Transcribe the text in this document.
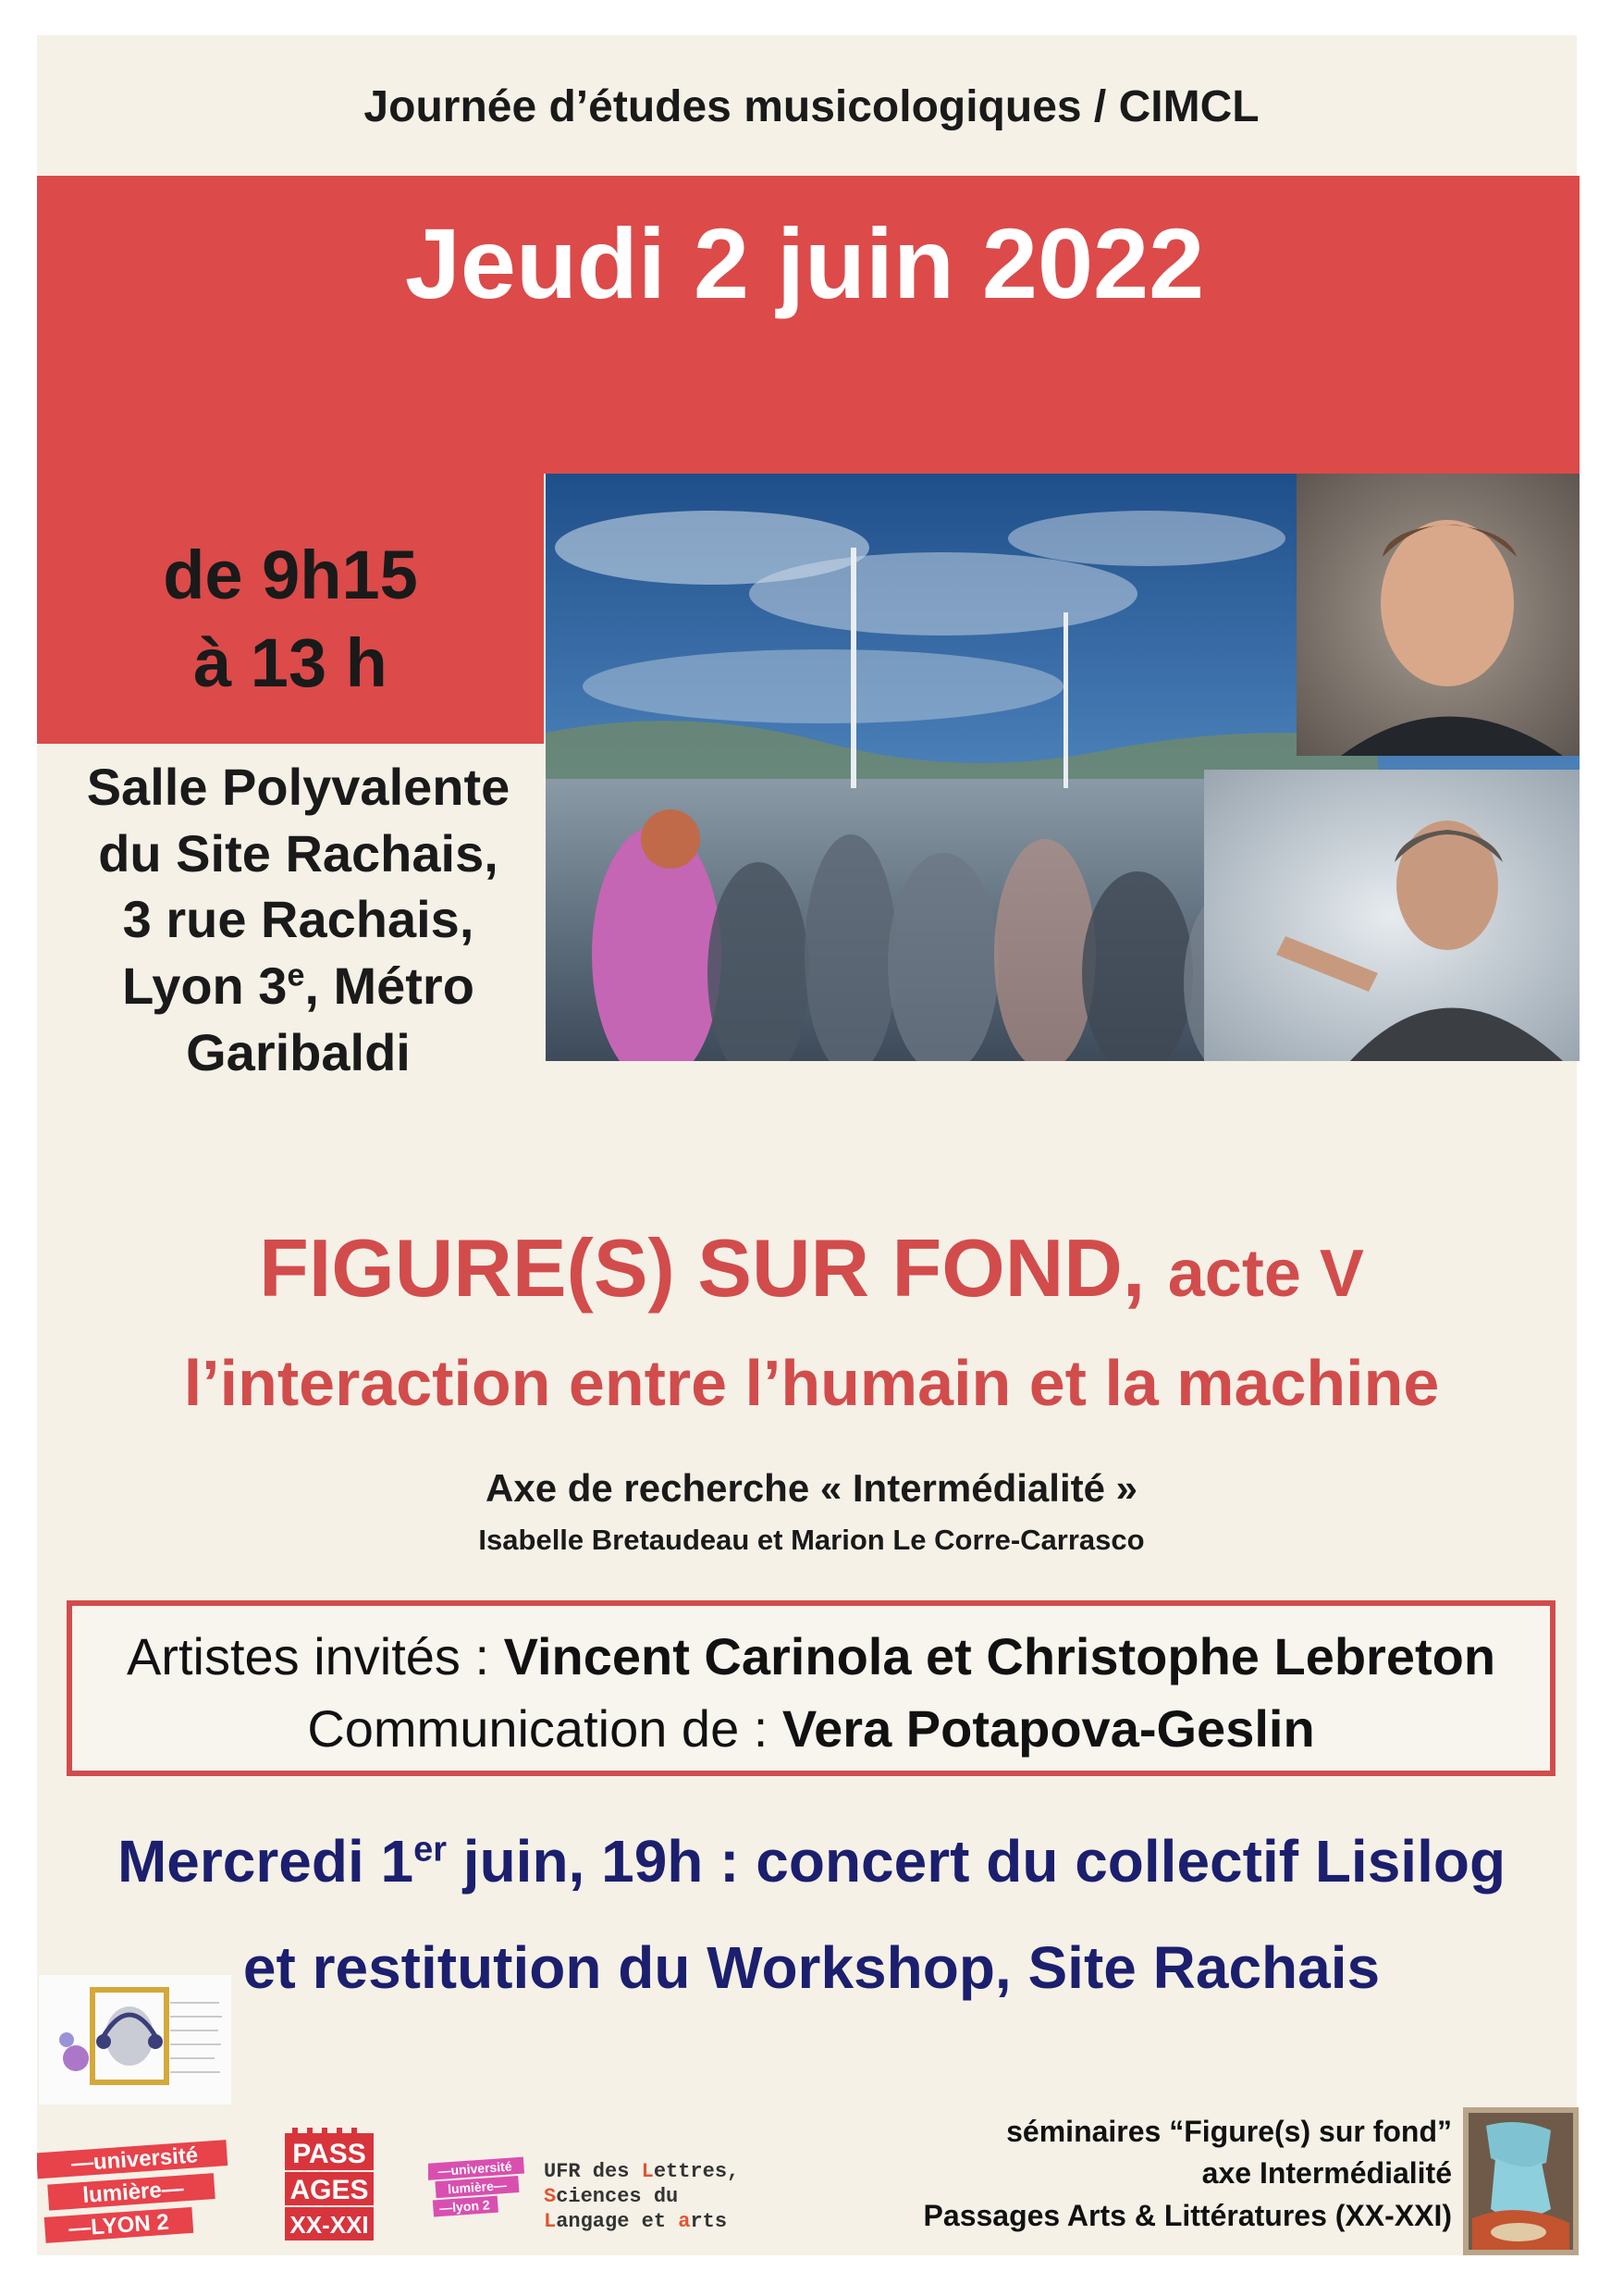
Journée d’études musicologiques / CIMCL
Jeudi 2 juin 2022
de 9h15
à 13 h
Salle Polyvalente
du Site Rachais,
3 rue Rachais,
Lyon 3e, Métro
Garibaldi
FIGURE(S) SUR FOND, acte V
l’interaction entre l’humain et la machine
Axe de recherche « Intermédialité »
Isabelle Bretaudeau et Marion Le Corre-Carrasco
Artistes invités : Vincent Carinola et Christophe Lebreton
Communication de : Vera Potapova-Geslin
Mercredi 1er juin, 19h : concert du collectif Lisilog
et restitution du Workshop, Site Rachais
—université
lumière—
—LYON 2
PASS
AGES
XX-XXI
—université
lumière—
—lyon 2
UFR des Lettres,
Sciences du
Langage et arts
séminaires “Figure(s) sur fond”
axe Intermédialité
Passages Arts & Littératures (XX-XXI)
